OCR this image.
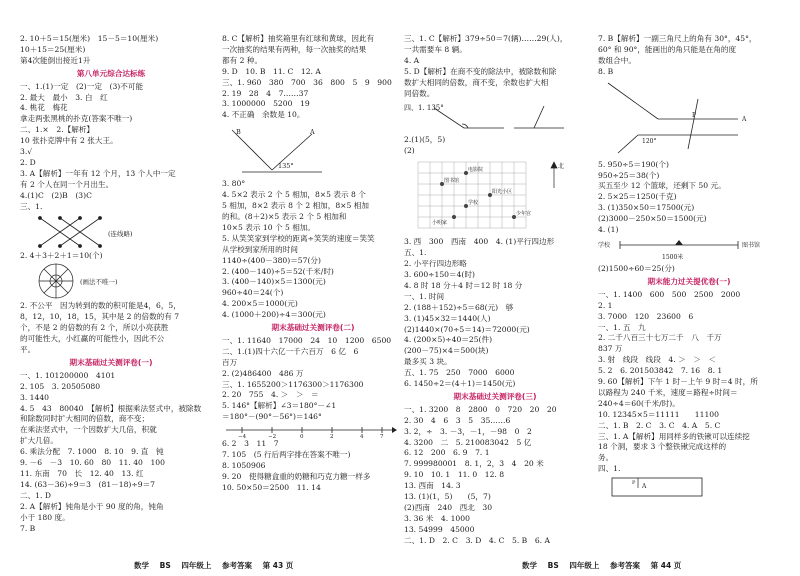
2. 10＋5＝15(厘米)　15－5＝10(厘米)
10＋15＝25(厘米)
第4次能倒出接近1升
第八单元综合达标练
一、1.(1)一定　(2)一定　(3)不可能
2. 最大　最小　3. 白　红
4. 桃花　梅花
拿走两张黑桃的扑克(答案不唯一)
二、1.×　2.【解析】
10 张扑克牌中有 2 张大王。
3.√
2. D
3. A【解析】一年有 12 个月，13 个人中一定
有 2 个人在同一个月出生。
4.(1)C　(2)B　(3)C
三、1.
(连线略)
2. 4＋3＋2＋1＝10(个)
(画法不唯一)
2. 不公平　因为转到的数的积可能是4，6，5，
8，12，10，18，15，其中是 2 的倍数的有 7
个，不是 2 的倍数的有 2 个，所以小亮获胜
的可能性大，小红赢的可能性小，因此不公
平。
期末基础过关测评卷(一)
一、1. 101200000　4101
2. 105　3. 20505080
3. 1440
4. 5　43　80040　【解析】根据乘法竖式中，被除数
和除数同时扩大相同的倍数，商不变；
在乘法竖式中，一个因数扩大几倍，积就
扩大几倍。
6. 乘法分配　7. 1000　8. 10　9. 直　钝
9. －6　－3　10. 60　80　11. 40　100
11. 东南　70　长　12. 40　13. 红
14. (63－36)÷9＝3　(81－18)÷9＝7
二、1. D
2. A【解析】钝角是小于 90 度的角，钝角
小于 180 度。
7. B
8. C【解析】抽奖箱里有红球和黄球，因此有
一次抽奖的结果有两种，每一次抽奖的结果
都有 2 种。
9. D　10. B　11. C　12. A
三、1. 960　380　700　36　800　5　9　900
2. 19　28　4　7……37
3. 1000000　5200　19
4. 不正确　余数是 10。
B	A
135°
3. 80°
4. 5×2 表示 2 个 5 相加，8×5 表示 8 个
5 相加，8×2 表示 8 个 2 相加，8×5 相加
的和。(8＋2)×5 表示 2 个 5 相加和
10×5 表示 10 个 5 相加。
5. 从笑笑家到学校的距离÷笑笑的速度＝笑笑
从学校到家所用的时间
1140÷(400－380)＝57(分)
2. (400－140)÷5＝52(千米/时)
3. (400－140)×5＝1300(元)
960÷40＝24(个)
4. 200×5＝1000(元)
4. (1000＋200)÷4＝300(元)
期末基础过关测评卷(二)
一、1. 11640　17000　24　10　1200　6500
二、1.(1)四十六亿一千六百万　6 亿　6
百万
2. (2)486400　486 万
三、1. 1655200＞1176300＞1176300
2. 20　755　4. ＞　＞　＝　
5. 146°【解析】∠3＝180°－∠1
＝180°－(90°－56°)＝146°
−4	−2	0	2	4	7
6. 2　3　11　7
7. 105　(5 行后两字排在答案不唯一)
8. 1050906
9. 20　使得糖盒重的奶糖和巧克力糖一样多
10. 50×50＝2500　11. 14
三、1. C【解析】379÷50＝7(辆)……29(人)，
一共需要车 8 辆。
4. A
5. D【解析】在商不变的除法中，被除数和除
数扩大相同的倍数，商不变，余数也扩大相
同倍数。
四、1. 135°
2.(1)(5，5)
(2)
图书馆
学校
阳光小区
电影院
少年宫
小明家
北
3. 西　300　西南　400　4. (1)平行四边形
五、1.
2. 小平行四边形略
3. 600÷150＝4(时)
4. 8 时 18 分＋4 时＝12 时 18 分
一、1. 时间
2. (188＋152)÷5＝68(元)　够
3. (1)45×32＝1440(人)
(2)1440×(70÷5＝14)＝72000(元)
4. (200×5)÷40＝25(件)
(200－75)×4＝500(块)
最多买 3 块。
五、1. 75　250　7000　6000
6. 1450÷2＝(4＋1)＝1450(元)
期末基础过关测评卷(三)
一、1. 3200　8　2800　0　720　20　20
2. 30　4　6　3　5　35……6
3. 2，÷　3. －3，－1，－98　0　2
4. 3200　二　5. 210083042　5 亿
6. 12　200　6. 9　7. 1
7. 999980001　8. 1，2，3　4　20 米
9. 10　10. 1　11. 0　12. 8
13. 西南　14. 3
13. (1)(1，5)　　(5，7)
(2)西南　240　西北　30
3. 36 米　4. 1000
13. 54999　45000
二、1. D　2. C　3. D　4. C　5. B　6. A
7. B【解析】一副三角尺上的角有 30°，45°，
60° 和 90°，能画出的角只能是在角的度
数组合中。
8. B
P
A
120°
5. 950÷5＝190(个)
950÷25＝38(个)
买五至少 12 个篮球，还剩下 50 元。
2. 5×25＝1250(千克)
3. (1)350×50＝17500(元)
(2)3000－250×50＝1500(元)
4. (1)
学校	图书馆
1500米
(2)1500÷60＝25(分)
期末能力过关提优卷(一)
一、1. 1400　600　500　2500　2000
2. 1
3. 7000　120　23600　6
一、1. 五　九
2. 二千八百三十七万二千　八　千万
837 万
3. 射　线段　线段　4. ＞　＞　＜
5. 2　6. 201503842　7. 16　8. 1
9. 60【解析】下午 1 时－上午 9 时＝4 时，所
以路程为 240 千米，速度＝路程÷时间＝
240÷4＝60(千米/时)。
10. 12345×5＝11111　　11100
二、1. B　2. C　3. C　4. A　5. C
三、1. A【解析】用同样多的铁锹可以连续挖
18 个洞，要求 3 个整铁锹完成这样的
务。
四、1.
A
P
数学 BS 四年级上 参考答案 第 43 页	数学 BS 四年级上 参考答案 第 44 页
